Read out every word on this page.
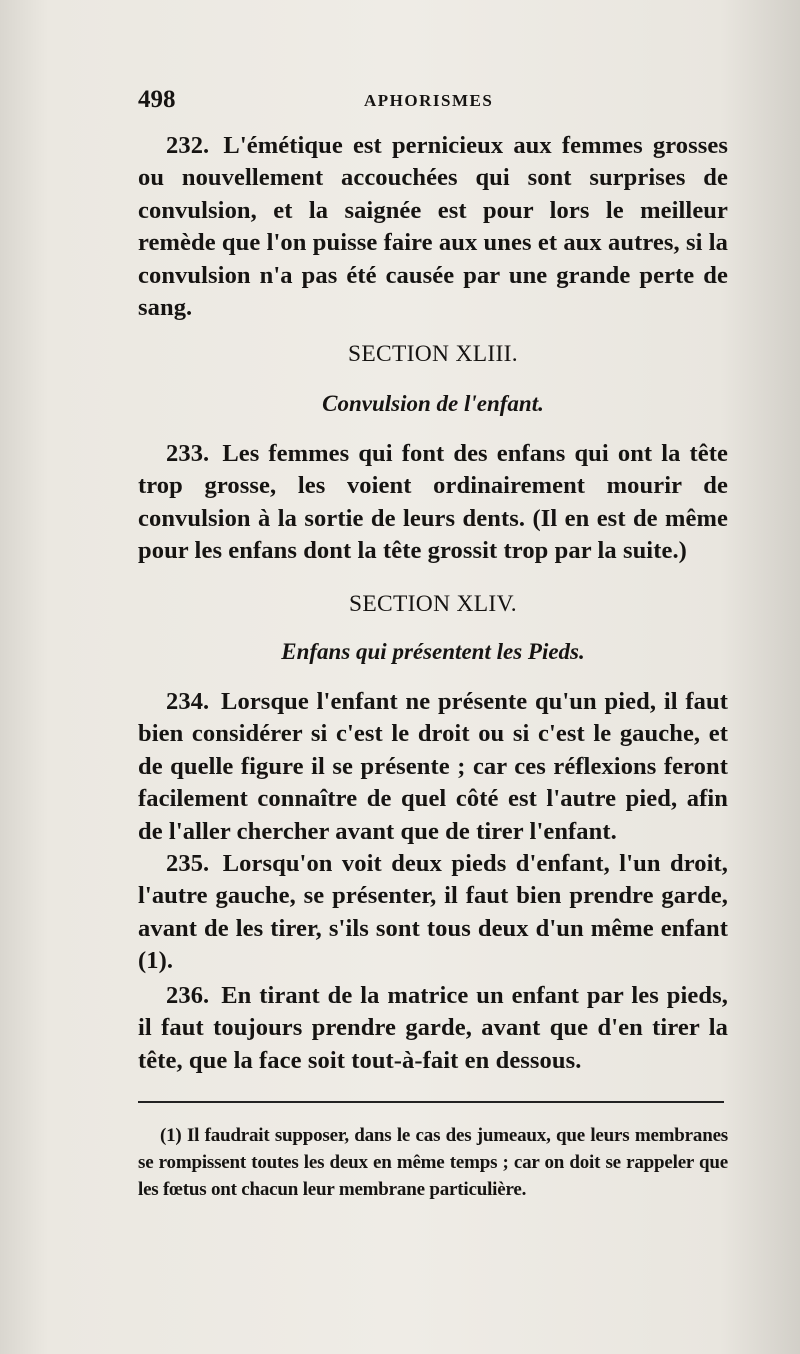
498	APHORISMES

232. L'émétique est pernicieux aux femmes grosses ou nouvellement accouchées qui sont surprises de convulsion, et la saignée est pour lors le meilleur remède que l'on puisse faire aux unes et aux autres, si la convulsion n'a pas été causée par une grande perte de sang.

SECTION XLIII.
Convulsion de l'enfant.

233. Les femmes qui font des enfans qui ont la tête trop grosse, les voient ordinairement mourir de convulsion à la sortie de leurs dents. (Il en est de même pour les enfans dont la tête grossit trop par la suite.)

SECTION XLIV.
Enfans qui présentent les Pieds.

234. Lorsque l'enfant ne présente qu'un pied, il faut bien considérer si c'est le droit ou si c'est le gauche, et de quelle figure il se présente ; car ces réflexions feront facilement connaître de quel côté est l'autre pied, afin de l'aller chercher avant que de tirer l'enfant.

235. Lorsqu'on voit deux pieds d'enfant, l'un droit, l'autre gauche, se présenter, il faut bien prendre garde, avant de les tirer, s'ils sont tous deux d'un même enfant (1).

236. En tirant de la matrice un enfant par les pieds, il faut toujours prendre garde, avant que d'en tirer la tête, que la face soit tout-à-fait en dessous.

(1) Il faudrait supposer, dans le cas des jumeaux, que leurs membranes se rompissent toutes les deux en même temps ; car on doit se rappeler que les fœtus ont chacun leur membrane particulière.
